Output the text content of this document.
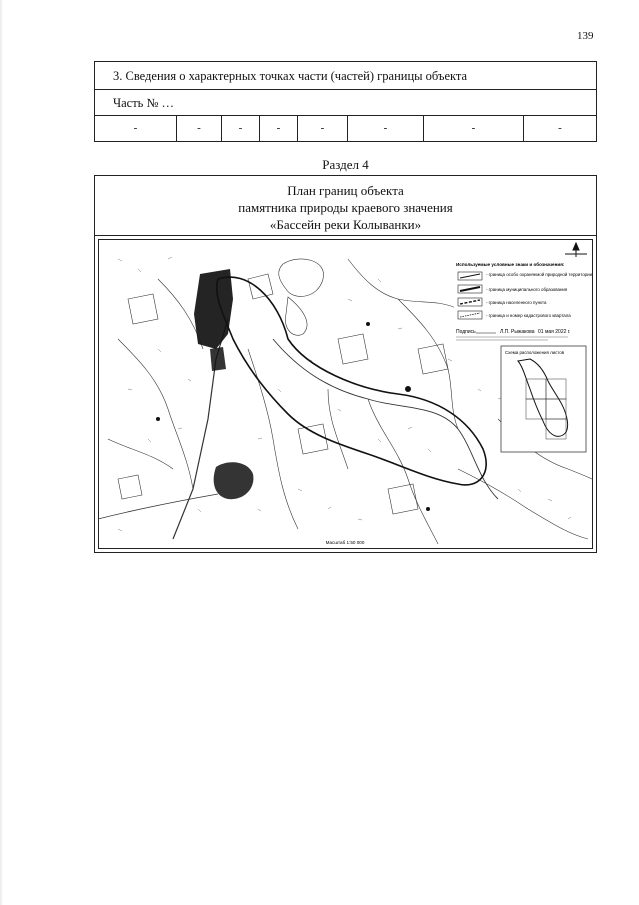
139
3. Сведения о характерных точках части (частей) границы объекта
Часть № …
-	-	-	-	-	-	-	-
Раздел 4
План границ объекта
памятника природы краевого значения
«Бассейн реки Колыванки»
Используемые условные знаки и обозначения:
- граница особо охраняемой природной территории
- граница муниципального образования
- граница населенного пункта
- граница и номер кадастрового квартала
Подпись	Л.П. Рыжакова 01 мая 2022 г.
Схема расположения листов
Масштаб 1:50 000
